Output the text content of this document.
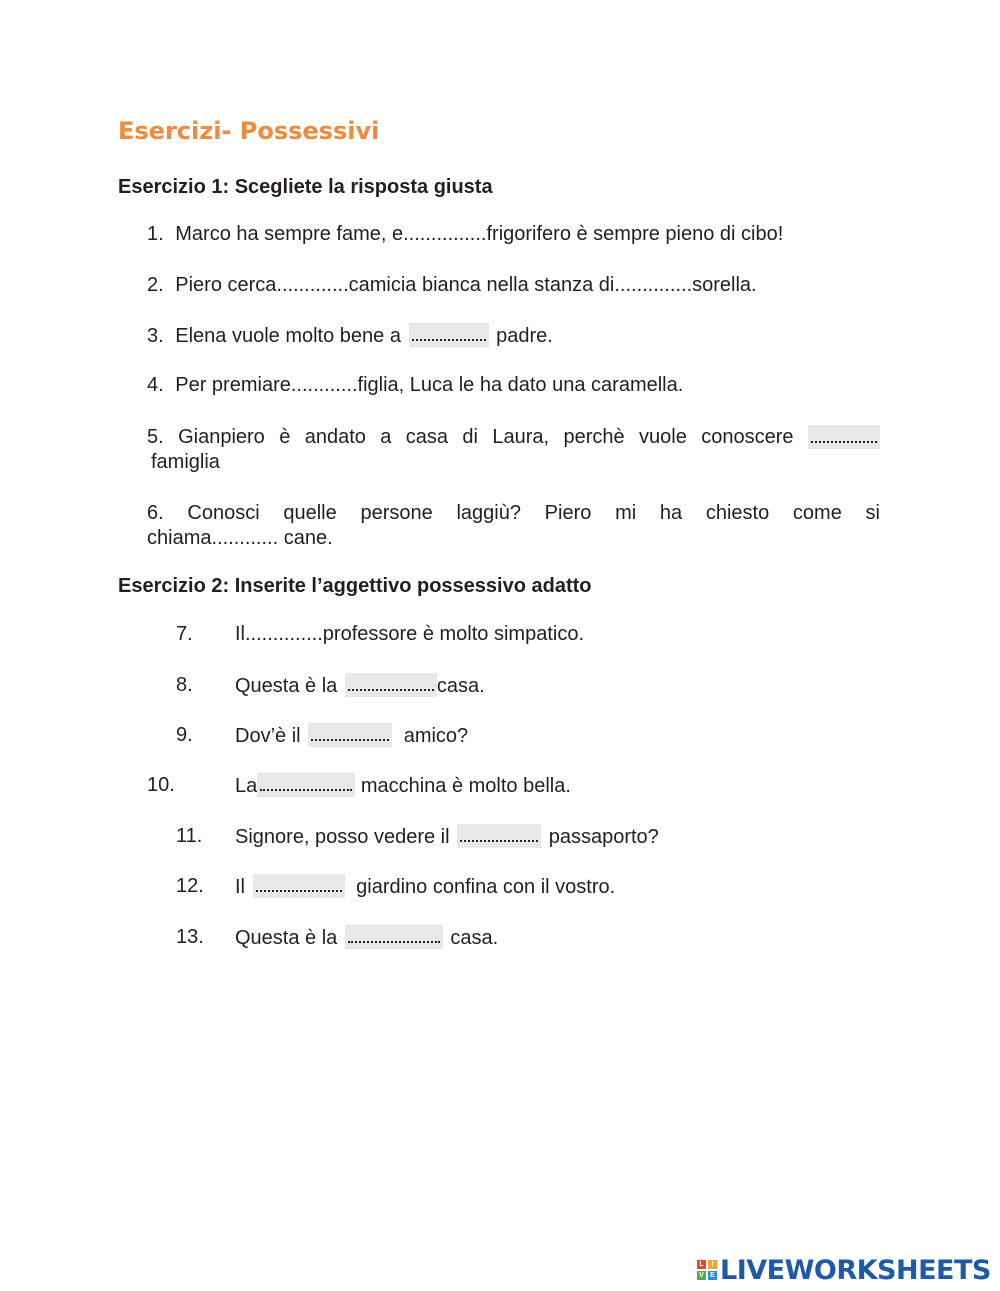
Esercizi- Possessivi
Esercizio 1: Scegliete la risposta giusta
1. Marco ha sempre fame, e...............frigorifero è sempre pieno di cibo!
2. Piero cerca.............camicia bianca nella stanza di..............sorella.
3. Elena vuole molto bene a	padre.
4. Per premiare............figlia, Luca le ha dato una caramella.
5. Gianpiero è andato a casa di Laura, perchè vuole conoscere
famiglia
6. Conosci quelle persone laggiù? Piero mi ha chiesto come si
chiama............ cane.
Esercizio 2: Inserite l’aggettivo possessivo adatto
7. Il..............professore è molto simpatico.
8. Questa è la	casa.
9. Dov’è il	amico?
10.	La	macchina è molto bella.
11. Signore, posso vedere il	passaporto?
12. Il	giardino confina con il vostro.
13. Questa è la	casa.
L	I
V E LIVEWORKSHEETS
